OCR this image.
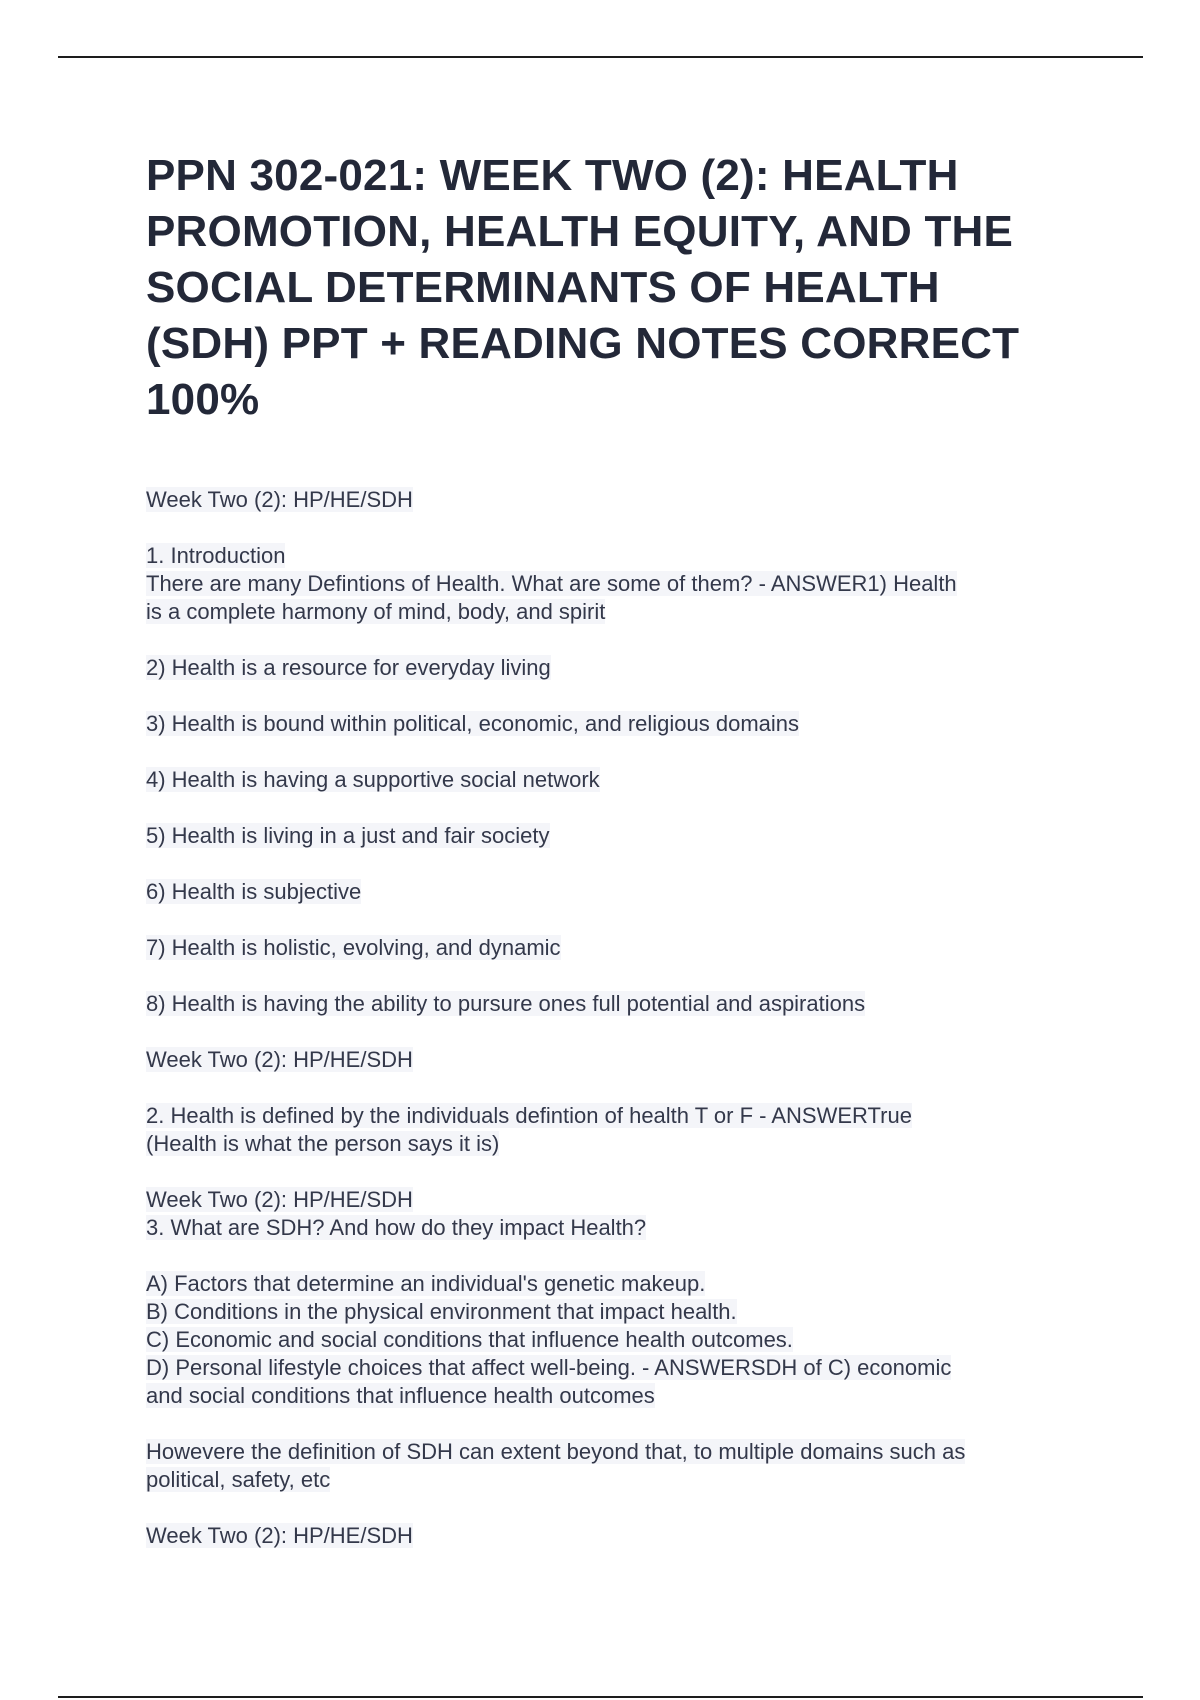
PPN 302-021: WEEK TWO (2): HEALTH PROMOTION, HEALTH EQUITY, AND THE SOCIAL DETERMINANTS OF HEALTH (SDH) PPT + READING NOTES CORRECT 100%
Week Two (2): HP/HE/SDH
1. Introduction
There are many Defintions of Health. What are some of them? - ANSWER1) Health
is a complete harmony of mind, body, and spirit
2) Health is a resource for everyday living
3) Health is bound within political, economic, and religious domains
4) Health is having a supportive social network
5) Health is living in a just and fair society
6) Health is subjective
7) Health is holistic, evolving, and dynamic
8) Health is having the ability to pursure ones full potential and aspirations
Week Two (2): HP/HE/SDH
2. Health is defined by the individuals defintion of health T or F - ANSWERTrue
(Health is what the person says it is)
Week Two (2): HP/HE/SDH
3. What are SDH? And how do they impact Health?
A) Factors that determine an individual's genetic makeup.
B) Conditions in the physical environment that impact health.
C) Economic and social conditions that influence health outcomes.
D) Personal lifestyle choices that affect well-being. - ANSWERSDH of C) economic
and social conditions that influence health outcomes
Howevere the definition of SDH can extent beyond that, to multiple domains such as
political, safety, etc
Week Two (2): HP/HE/SDH
